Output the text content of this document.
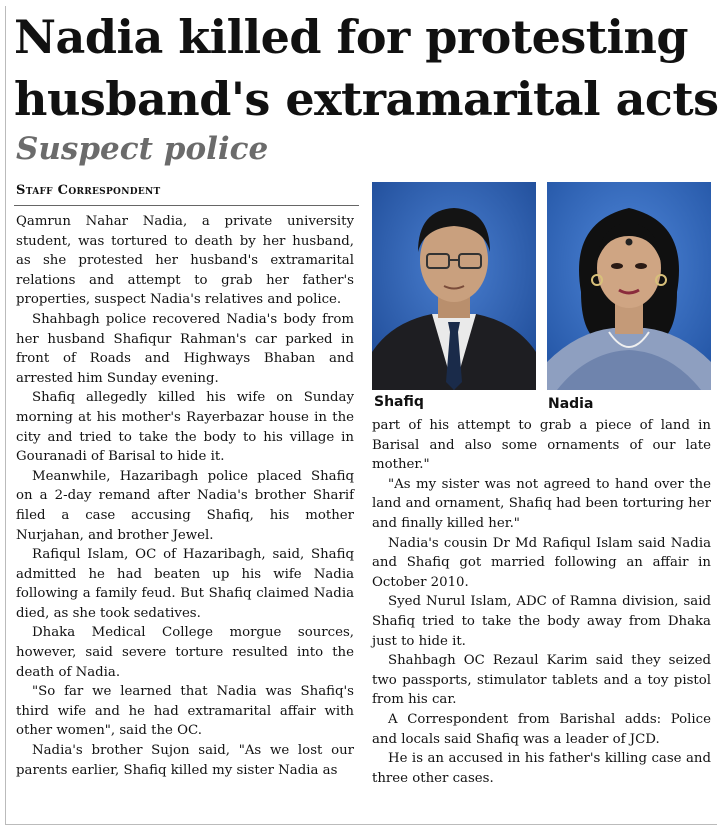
Nadia killed for protesting
husband's extramarital acts
Suspect police
Staff Correspondent

Qamrun Nahar Nadia, a private university student, was tortured to death by her husband, as she protested her husband's extramarital relations and attempt to grab her father's properties, suspect Nadia's relatives and police.

Shahbagh police recovered Nadia's body from her husband Shafiqur Rahman's car parked in front of Roads and Highways Bhaban and arrested him Sunday evening.

Shafiq allegedly killed his wife on Sunday morning at his mother's Rayerbazar house in the city and tried to take the body to his village in Gouranadi of Barisal to hide it.

Meanwhile, Hazaribagh police placed Shafiq on a 2-day remand after Nadia's brother Sharif filed a case accusing Shafiq, his mother Nurjahan, and brother Jewel.

Rafiqul Islam, OC of Hazaribagh, said, Shafiq admitted he had beaten up his wife Nadia following a family feud. But Shafiq claimed Nadia died, as she took sedatives.

Dhaka Medical College morgue sources, however, said severe torture resulted into the death of Nadia.

"So far we learned that Nadia was Shafiq's third wife and he had extramarital affair with other women", said the OC.

Nadia's brother Sujon said, "As we lost our parents earlier, Shafiq killed my sister Nadia as

Shafiq	Nadia

part of his attempt to grab a piece of land in Barisal and also some ornaments of our late mother."

"As my sister was not agreed to hand over the land and ornament, Shafiq had been torturing her and finally killed her."

Nadia's cousin Dr Md Rafiqul Islam said Nadia and Shafiq got married following an affair in October 2010.

Syed Nurul Islam, ADC of Ramna division, said Shafiq tried to take the body away from Dhaka just to hide it.

Shahbagh OC Rezaul Karim said they seized two passports, stimulator tablets and a toy pistol from his car.

A Correspondent from Barishal adds: Police and locals said Shafiq was a leader of JCD.

He is an accused in his father's killing case and three other cases.
